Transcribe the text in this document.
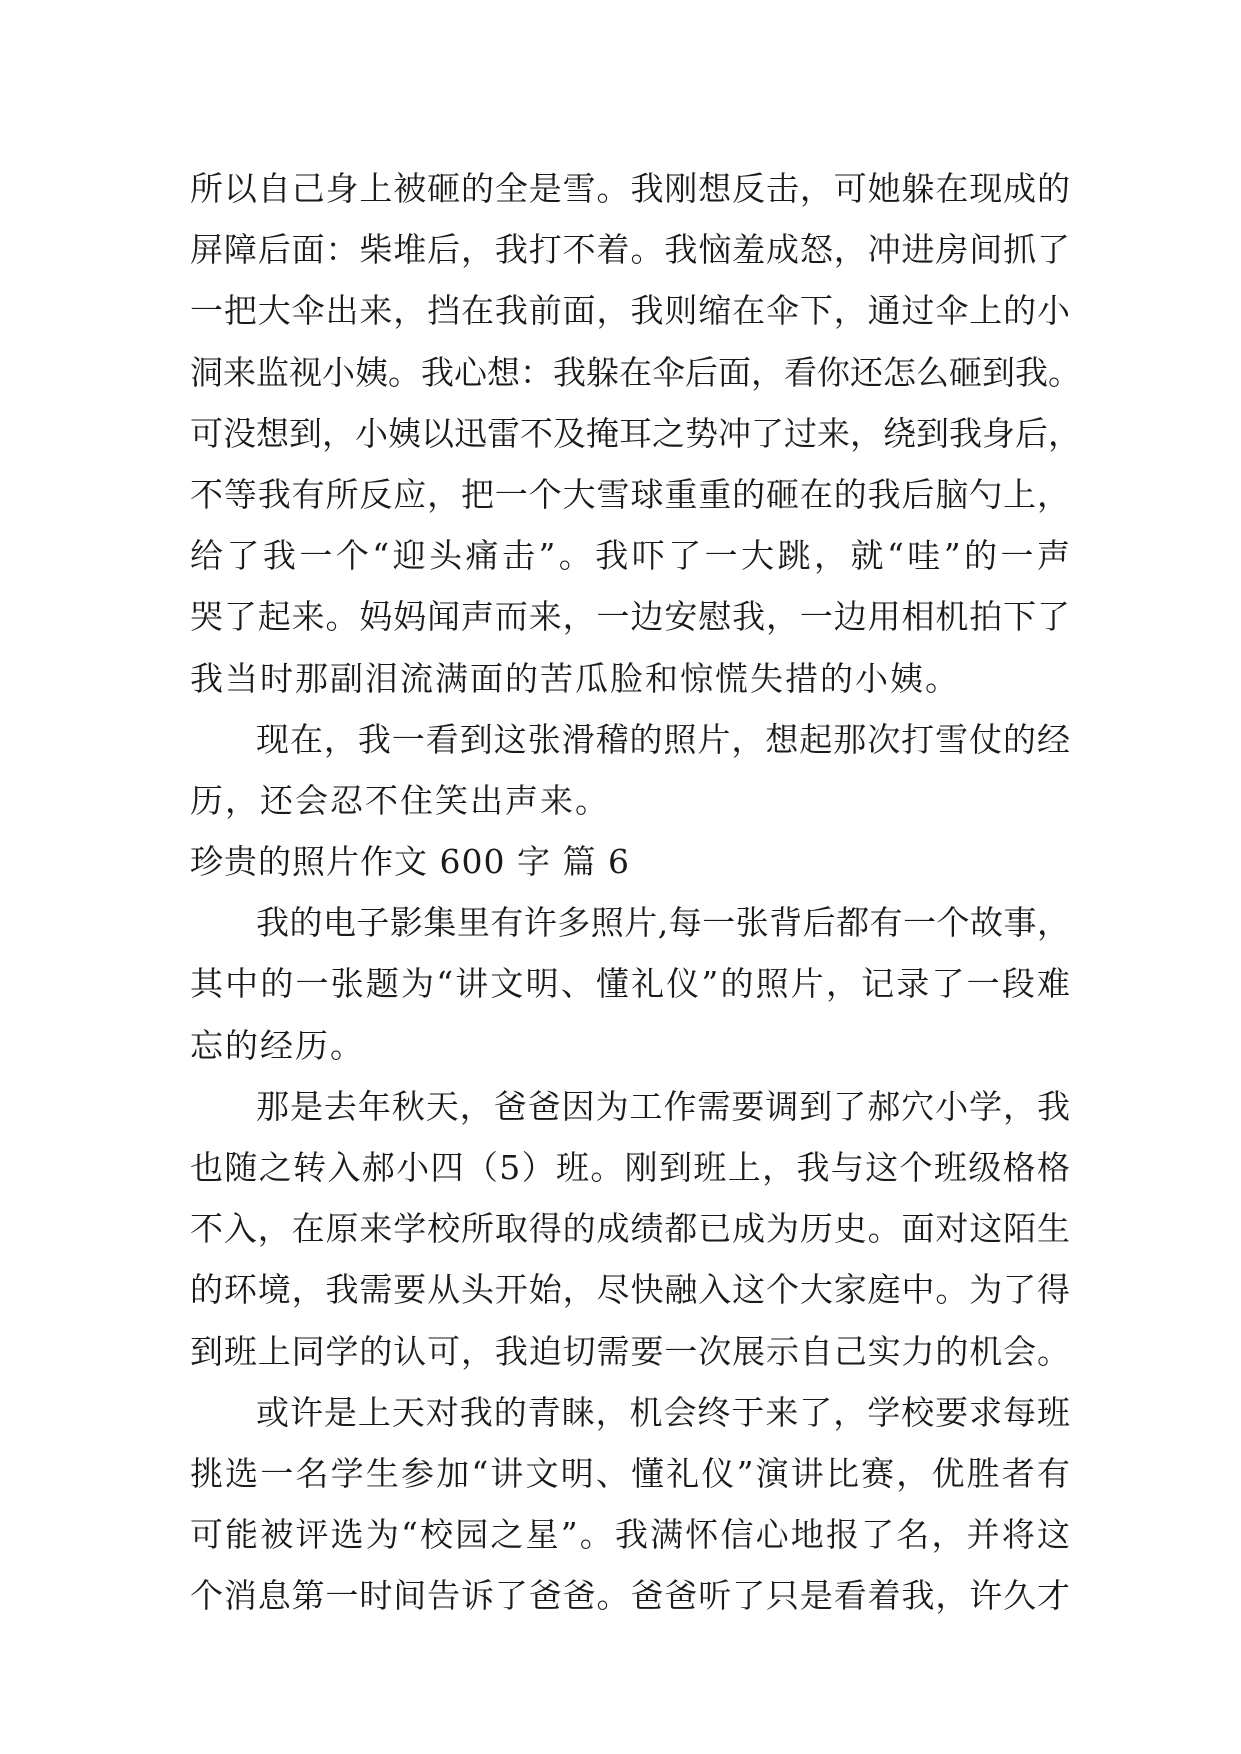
所以自己身上被砸的全是雪。我刚想反击，可她躲在现成的
屏障后面：柴堆后，我打不着。我恼羞成怒，冲进房间抓了
一把大伞出来，挡在我前面，我则缩在伞下，通过伞上的小
洞来监视小姨。我心想：我躲在伞后面，看你还怎么砸到我。
可没想到，小姨以迅雷不及掩耳之势冲了过来，绕到我身后，
不等我有所反应，把一个大雪球重重的砸在的我后脑勺上，
给了我一个“迎头痛击”。我吓了一大跳，就“哇”的一声
哭了起来。妈妈闻声而来，一边安慰我，一边用相机拍下了
我当时那副泪流满面的苦瓜脸和惊慌失措的小姨。
现在，我一看到这张滑稽的照片，想起那次打雪仗的经
历，还会忍不住笑出声来。
珍贵的照片作文 600 字 篇 6
我的电子影集里有许多照片,每一张背后都有一个故事，
其中的一张题为“讲文明、懂礼仪”的照片，记录了一段难
忘的经历。
那是去年秋天，爸爸因为工作需要调到了郝穴小学，我
也随之转入郝小四（5）班。刚到班上，我与这个班级格格
不入，在原来学校所取得的成绩都已成为历史。面对这陌生
的环境，我需要从头开始，尽快融入这个大家庭中。为了得
到班上同学的认可，我迫切需要一次展示自己实力的机会。
或许是上天对我的青睐，机会终于来了，学校要求每班
挑选一名学生参加“讲文明、懂礼仪”演讲比赛，优胜者有
可能被评选为“校园之星”。我满怀信心地报了名，并将这
个消息第一时间告诉了爸爸。爸爸听了只是看着我，许久才
